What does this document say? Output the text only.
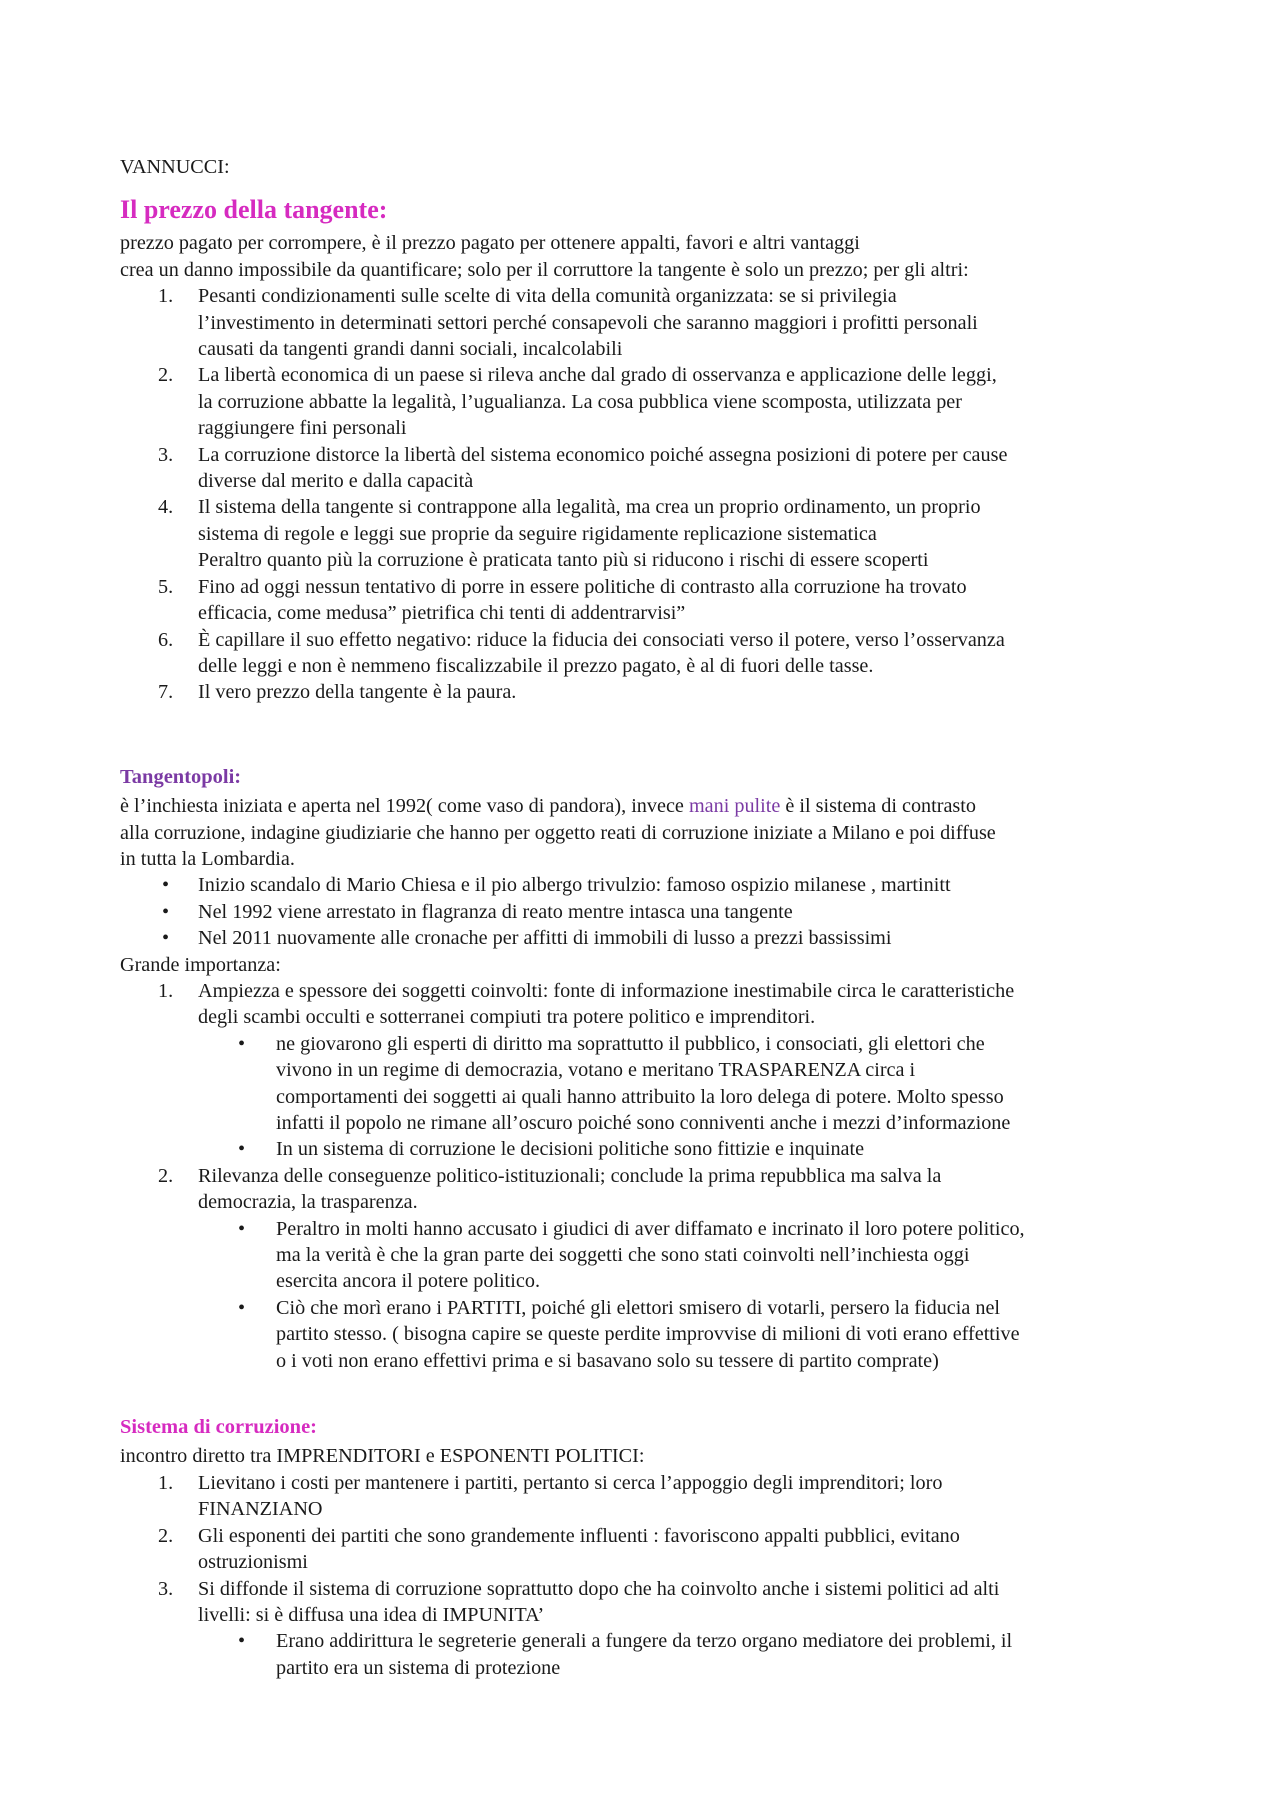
VANNUCCI:

Il prezzo della tangente:

prezzo pagato per corrompere, è il prezzo pagato per ottenere appalti, favori e altri vantaggi

crea un danno impossibile da quantificare; solo per il corruttore la tangente è solo un prezzo; per gli altri:

1.	Pesanti condizionamenti sulle scelte di vita della comunità organizzata: se si privilegia
l’investimento in determinati settori perché consapevoli che saranno maggiori i profitti personali
causati da tangenti grandi danni sociali, incalcolabili
2.	La libertà economica di un paese si rileva anche dal grado di osservanza e applicazione delle leggi,
la corruzione abbatte la legalità, l’ugualianza. La cosa pubblica viene scomposta, utilizzata per
raggiungere fini personali
3.	La corruzione distorce la libertà del sistema economico poiché assegna posizioni di potere per cause
diverse dal merito e dalla capacità
4.	Il sistema della tangente si contrappone alla legalità, ma crea un proprio ordinamento, un proprio
sistema di regole e leggi sue proprie da seguire rigidamente replicazione sistematica
Peraltro quanto più la corruzione è praticata tanto più si riducono i rischi di essere scoperti
5.	Fino ad oggi nessun tentativo di porre in essere politiche di contrasto alla corruzione ha trovato
efficacia, come medusa” pietrifica chi tenti di addentrarvisi”
6.	È capillare il suo effetto negativo: riduce la fiducia dei consociati verso il potere, verso l’osservanza
delle leggi e non è nemmeno fiscalizzabile il prezzo pagato, è al di fuori delle tasse.
7.	Il vero prezzo della tangente è la paura.
Tangentopoli:

è l’inchiesta iniziata e aperta nel 1992( come vaso di pandora), invece mani pulite è il sistema di contrasto

alla corruzione, indagine giudiziarie che hanno per oggetto reati di corruzione iniziate a Milano e poi diffuse

in tutta la Lombardia.

• Inizio scandalo di Mario Chiesa e il pio albergo trivulzio: famoso ospizio milanese , martinitt
• Nel 1992 viene arrestato in flagranza di reato mentre intasca una tangente
• Nel 2011 nuovamente alle cronache per affitti di immobili di lusso a prezzi bassissimi

Grande importanza:

1.	Ampiezza e spessore dei soggetti coinvolti: fonte di informazione inestimabile circa le caratteristiche
degli scambi occulti e sotterranei compiuti tra potere politico e imprenditori.
• ne giovarono gli esperti di diritto ma soprattutto il pubblico, i consociati, gli elettori che
vivono in un regime di democrazia, votano e meritano TRASPARENZA circa i
comportamenti dei soggetti ai quali hanno attribuito la loro delega di potere. Molto spesso
infatti il popolo ne rimane all’oscuro poiché sono conniventi anche i mezzi d’informazione
• In un sistema di corruzione le decisioni politiche sono fittizie e inquinate
2.	Rilevanza delle conseguenze politico-istituzionali; conclude la prima repubblica ma salva la
democrazia, la trasparenza.
• Peraltro in molti hanno accusato i giudici di aver diffamato e incrinato il loro potere politico,
ma la verità è che la gran parte dei soggetti che sono stati coinvolti nell’inchiesta oggi
esercita ancora il potere politico.
• Ciò che morì erano i PARTITI, poiché gli elettori smisero di votarli, persero la fiducia nel
partito stesso. ( bisogna capire se queste perdite improvvise di milioni di voti erano effettive
o i voti non erano effettivi prima e si basavano solo su tessere di partito comprate)
Sistema di corruzione:

incontro diretto tra IMPRENDITORI e ESPONENTI POLITICI:

1.	Lievitano i costi per mantenere i partiti, pertanto si cerca l’appoggio degli imprenditori; loro
FINANZIANO
2.	Gli esponenti dei partiti che sono grandemente influenti : favoriscono appalti pubblici, evitano
ostruzionismi
3.	Si diffonde il sistema di corruzione soprattutto dopo che ha coinvolto anche i sistemi politici ad alti
livelli: si è diffusa una idea di IMPUNITA’
• Erano addirittura le segreterie generali a fungere da terzo organo mediatore dei problemi, il
partito era un sistema di protezione
